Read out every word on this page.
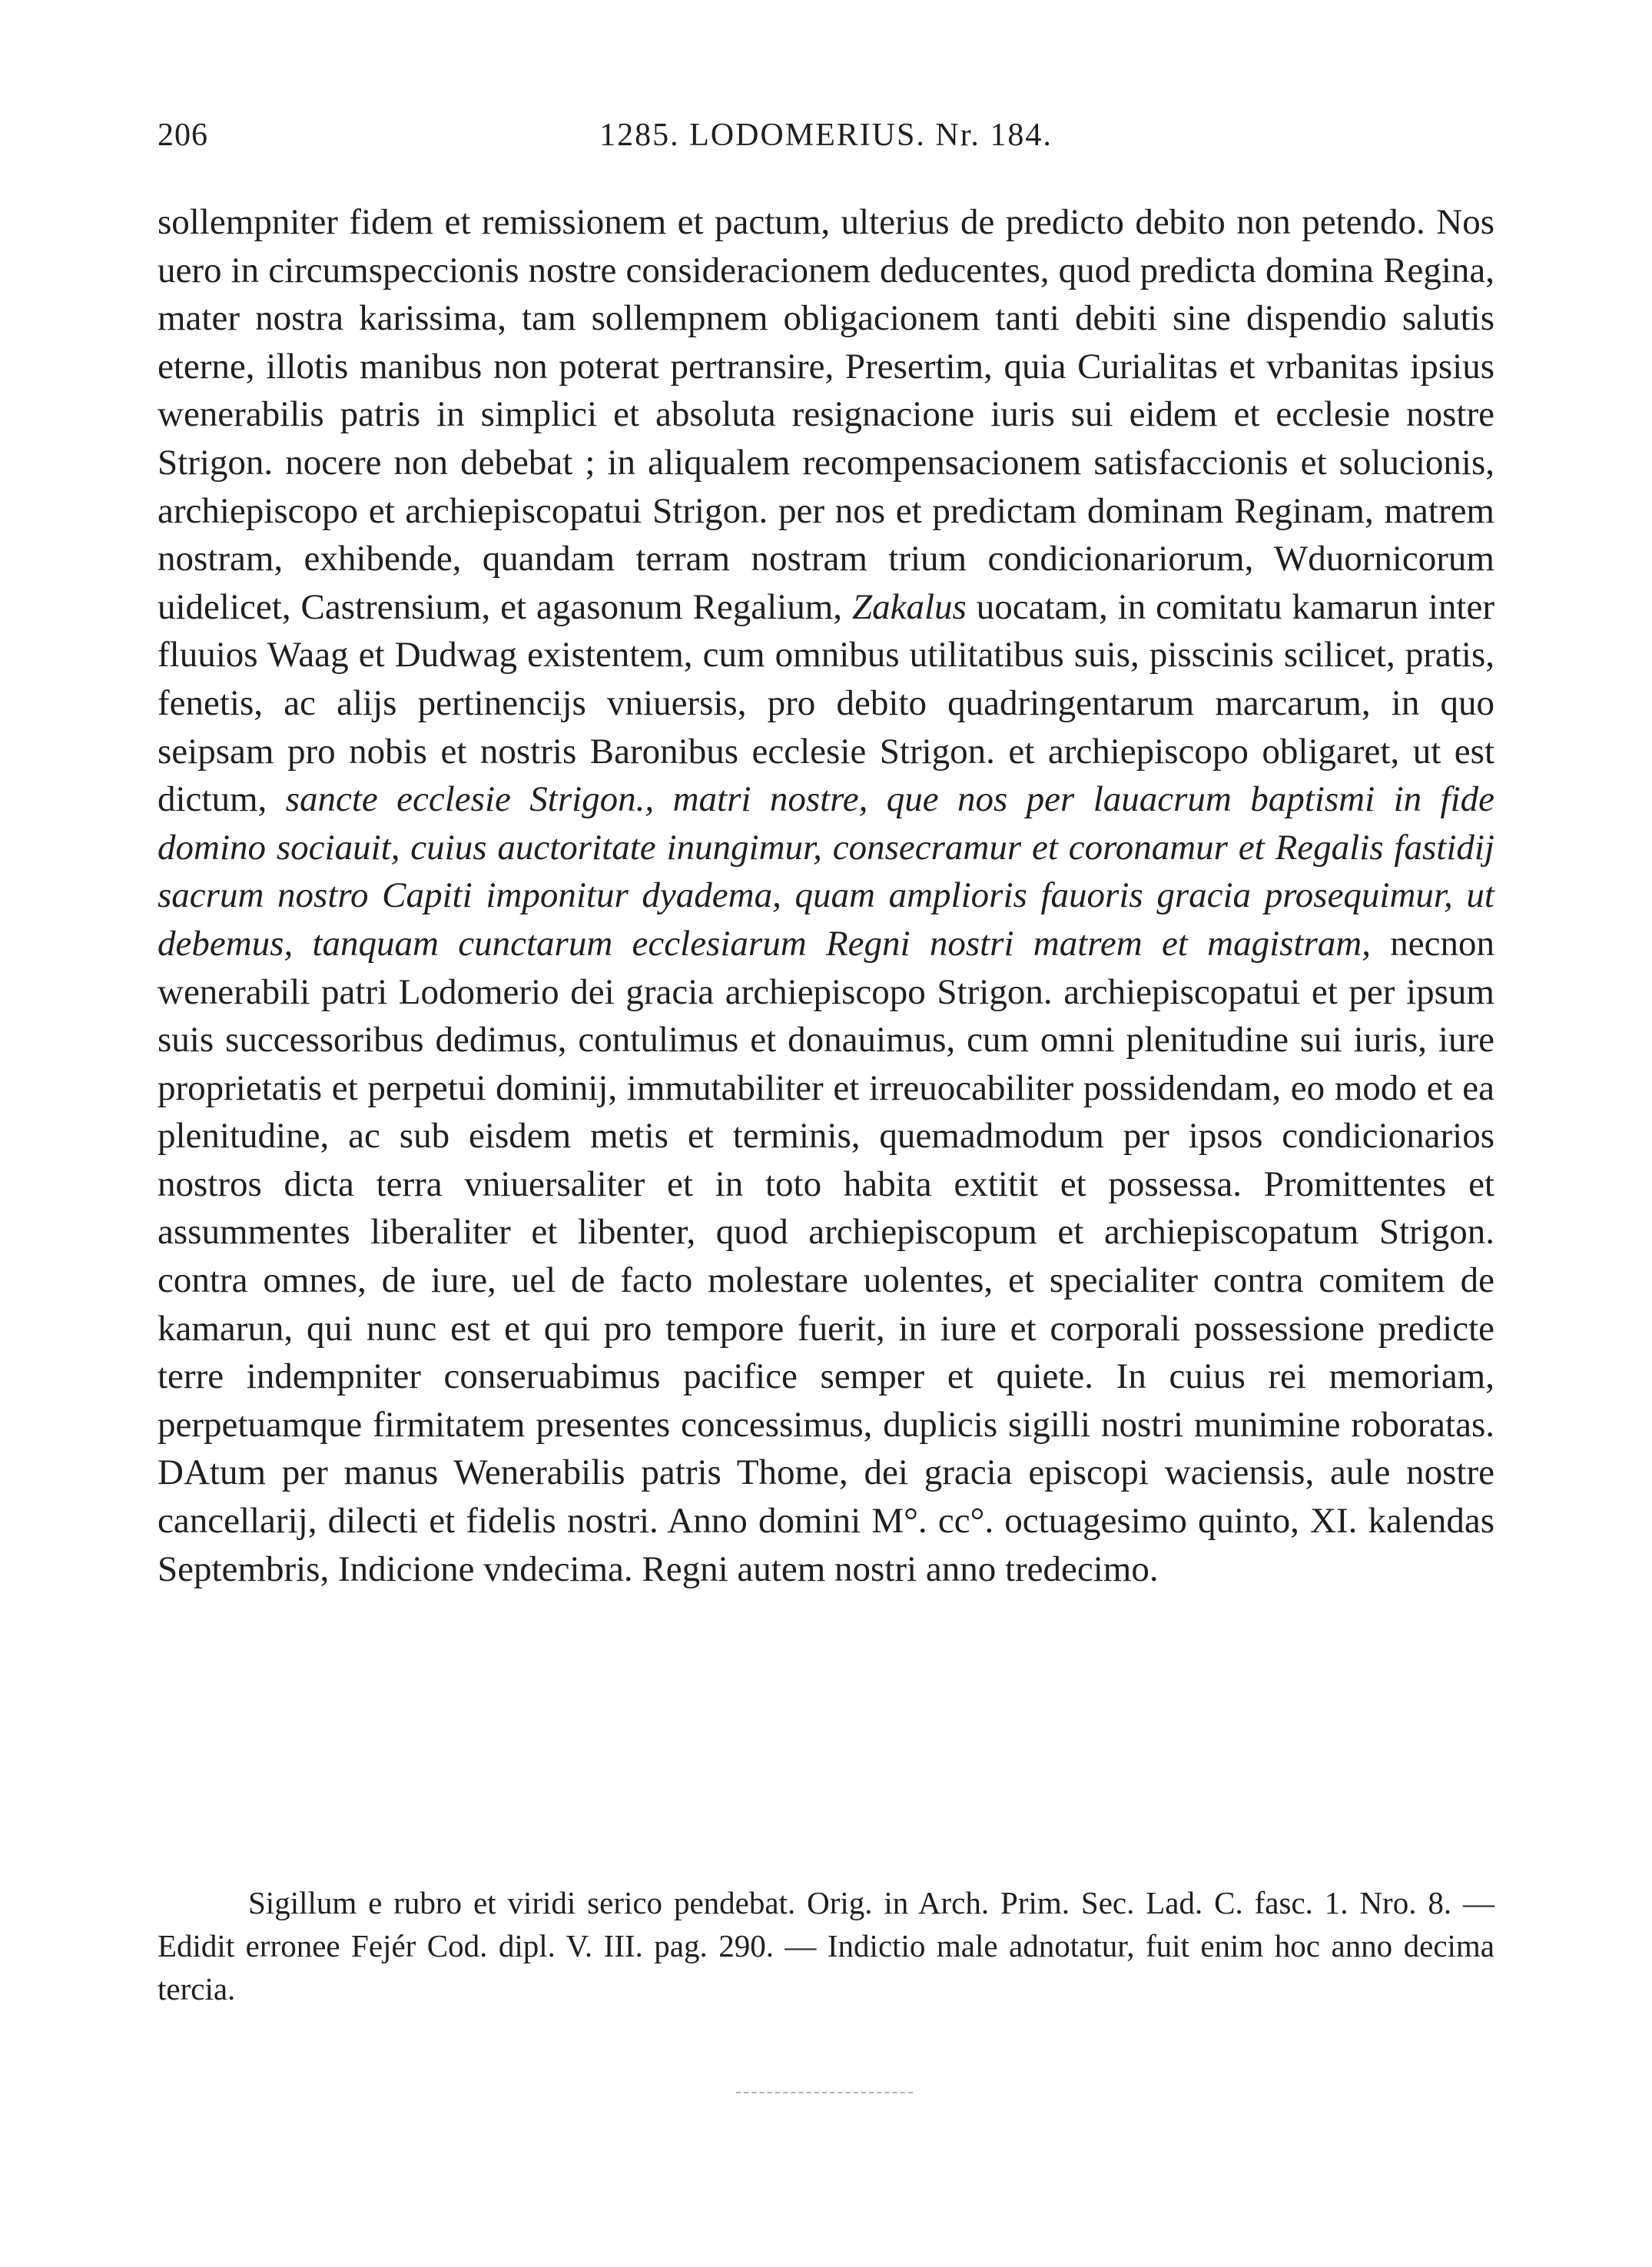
206	1285. LODOMERIUS. Nr. 184.
sollempniter fidem et remissionem et pactum, ulterius de predicto debito non petendo. Nos uero in circumspeccionis nostre consideracionem deducentes, quod predicta domina Regina, mater nostra karissima, tam sollempnem obligacionem tanti debiti sine dispendio salutis eterne, illotis manibus non poterat pertransire, Presertim, quia Curialitas et vrbanitas ipsius wenerabilis patris in simplici et absoluta resignacione iuris sui eidem et ecclesie nostre Strigon. nocere non debebat ; in aliqualem recompensacionem satisfaccionis et solucionis, archiepiscopo et archiepiscopatui Strigon. per nos et predictam dominam Reginam, matrem nostram, exhibende, quandam terram nostram trium condicionariorum, Wduornicorum uidelicet, Castrensium, et agasonum Regalium, Zakalus uocatam, in comitatu kamarun inter fluuios Waag et Dudwag existentem, cum omnibus utilitatibus suis, pisscinis scilicet, pratis, fenetis, ac alijs pertinencijs vniuersis, pro debito quadringentarum marcarum, in quo seipsam pro nobis et nostris Baronibus ecclesie Strigon. et archiepiscopo obligaret, ut est dictum, sancte ecclesie Strigon., matri nostre, que nos per lauacrum baptismi in fide domino sociauit, cuius auctoritate inungimur, consecramur et coronamur et Regalis fastidij sacrum nostro Capiti imponitur dyadema, quam amplioris fauoris gracia prosequimur, ut debemus, tanquam cunctarum ecclesiarum Regni nostri matrem et magistram, necnon wenerabili patri Lodomerio dei gracia archiepiscopo Strigon. archiepiscopatui et per ipsum suis successoribus dedimus, contulimus et donauimus, cum omni plenitudine sui iuris, iure proprietatis et perpetui dominij, immutabiliter et irreuocabiliter possidendam, eo modo et ea plenitudine, ac sub eisdem metis et terminis, quemadmodum per ipsos condicionarios nostros dicta terra vniuersaliter et in toto habita extitit et possessa. Promittentes et assummentes liberaliter et libenter, quod archiepiscopum et archiepiscopatum Strigon. contra omnes, de iure, uel de facto molestare uolentes, et specialiter contra comitem de kamarun, qui nunc est et qui pro tempore fuerit, in iure et corporali possessione predicte terre indempniter conseruabimus pacifice semper et quiete. In cuius rei memoriam, perpetuamque firmitatem presentes concessimus, duplicis sigilli nostri munimine roboratas. DAtum per manus Wenerabilis patris Thome, dei gracia episcopi waciensis, aule nostre cancellarij, dilecti et fidelis nostri. Anno domini M°. cc°. octuagesimo quinto, XI. kalendas Septembris, Indicione vndecima. Regni autem nostri anno tredecimo.
Sigillum e rubro et viridi serico pendebat. Orig. in Arch. Prim. Sec. Lad. C. fasc. 1. Nro. 8. — Edidit erronee Fejér Cod. dipl. V. III. pag. 290. — Indictio male adnotatur, fuit enim hoc anno decima tercia.
